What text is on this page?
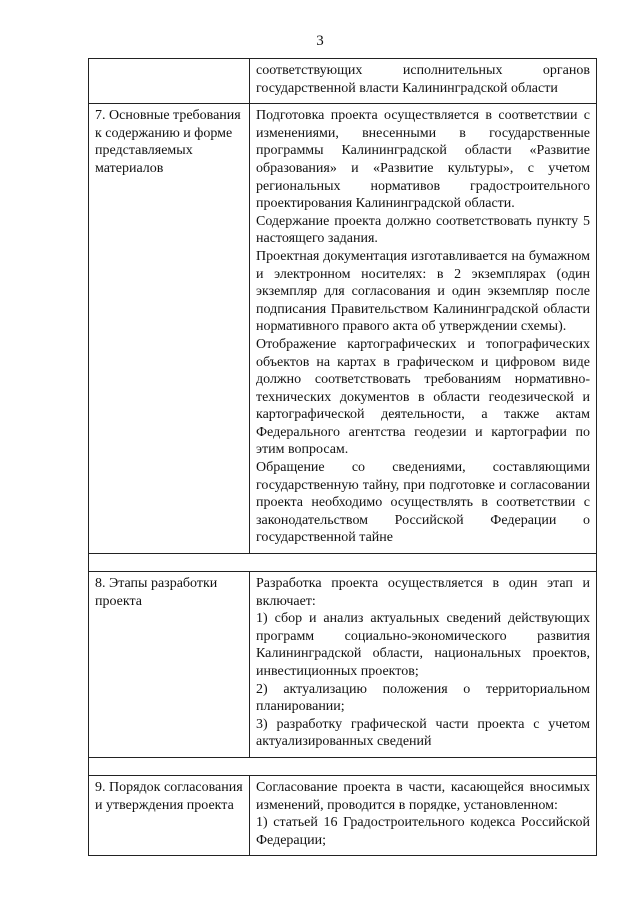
3

	соответствующих исполнительных органов государственной власти Калининградской области

7. Основные требования к содержанию и форме представляемых материалов	Подготовка проекта осуществляется в соответствии с изменениями, внесенными в государственные программы Калининградской области «Развитие образования» и «Развитие культуры», с учетом региональных нормативов градостроительного проектирования Калининградской области.

Содержание проекта должно соответствовать пункту 5 настоящего задания.

Проектная документация изготавливается на бумажном и электронном носителях: в 2 экземплярах (один экземпляр для согласования и один экземпляр после подписания Правительством Калининградской области нормативного правого акта об утверждении схемы).

Отображение картографических и топографических объектов на картах в графическом и цифровом виде должно соответствовать требованиям нормативно-технических документов в области геодезической и картографической деятельности, а также актам Федерального агентства геодезии и картографии по этим вопросам.

Обращение со сведениями, составляющими государственную тайну, при подготовке и согласовании проекта необходимо осуществлять в соответствии с законодательством Российской Федерации о государственной тайне

8. Этапы разработки проекта	Разработка проекта осуществляется в один этап и включает:

1) сбор и анализ актуальных сведений действующих программ социально-экономического развития Калининградской области, национальных проектов, инвестиционных проектов;

2) актуализацию положения о территориальном планировании;

3) разработку графической части проекта с учетом актуализированных сведений

9. Порядок согласования и утверждения проекта	Согласование проекта в части, касающейся вносимых изменений, проводится в порядке, установленном:

1) статьей 16 Градостроительного кодекса Российской Федерации;
